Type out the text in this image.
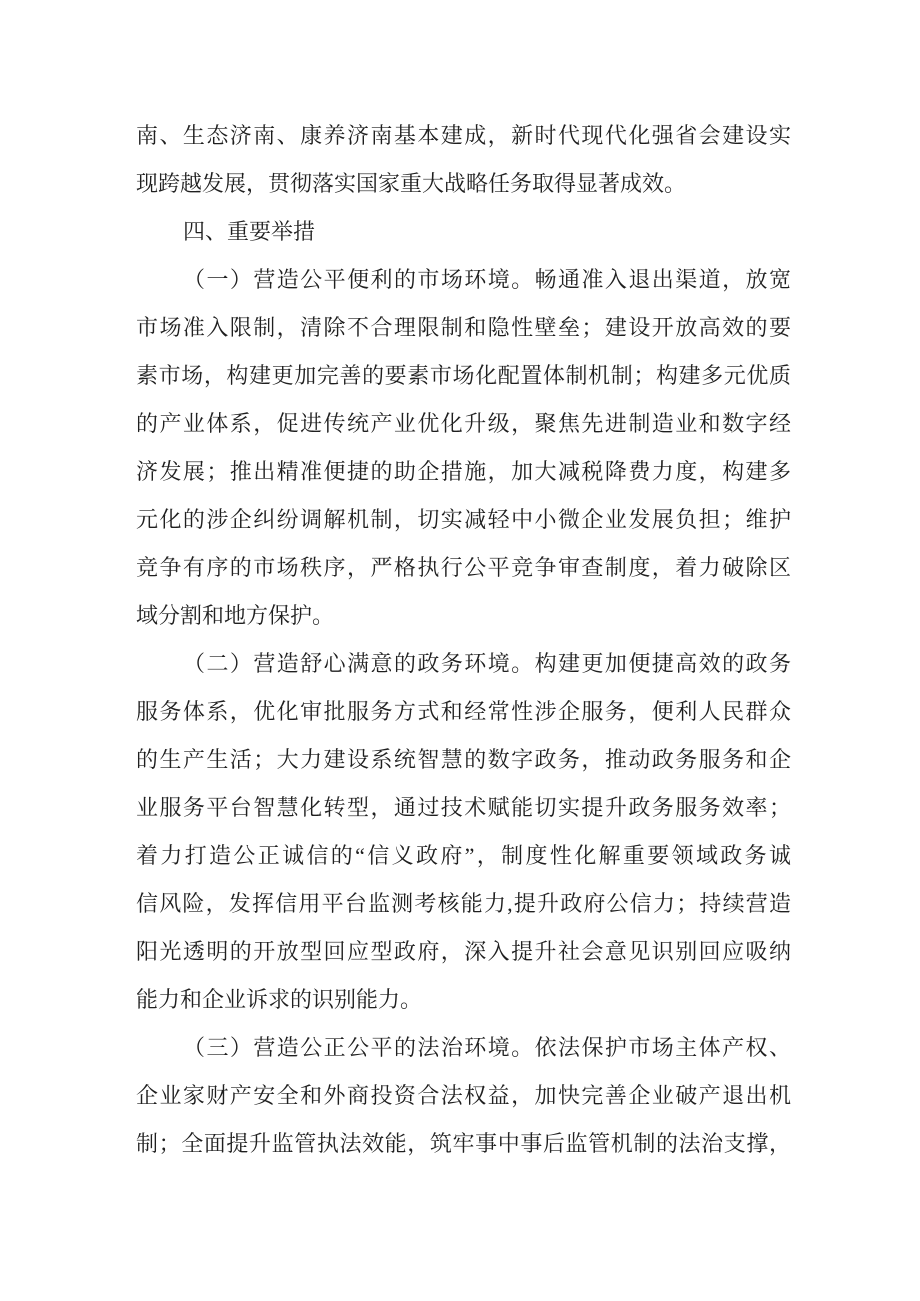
南、生态济南、康养济南基本建成，新时代现代化强省会建设实
现跨越发展，贯彻落实国家重大战略任务取得显著成效。
四、重要举措
（一）营造公平便利的市场环境。畅通准入退出渠道，放宽
市场准入限制，清除不合理限制和隐性壁垒；建设开放高效的要
素市场，构建更加完善的要素市场化配置体制机制；构建多元优质
的产业体系，促进传统产业优化升级，聚焦先进制造业和数字经
济发展；推出精准便捷的助企措施，加大减税降费力度，构建多
元化的涉企纠纷调解机制，切实减轻中小微企业发展负担；维护
竞争有序的市场秩序，严格执行公平竞争审查制度，着力破除区
域分割和地方保护。
（二）营造舒心满意的政务环境。构建更加便捷高效的政务
服务体系，优化审批服务方式和经常性涉企服务，便利人民群众
的生产生活；大力建设系统智慧的数字政务，推动政务服务和企
业服务平台智慧化转型，通过技术赋能切实提升政务服务效率；
着力打造公正诚信的“信义政府”，制度性化解重要领域政务诚
信风险，发挥信用平台监测考核能力,提升政府公信力；持续营造
阳光透明的开放型回应型政府，深入提升社会意见识别回应吸纳
能力和企业诉求的识别能力。
（三）营造公正公平的法治环境。依法保护市场主体产权、
企业家财产安全和外商投资合法权益，加快完善企业破产退出机
制；全面提升监管执法效能，筑牢事中事后监管机制的法治支撑，
